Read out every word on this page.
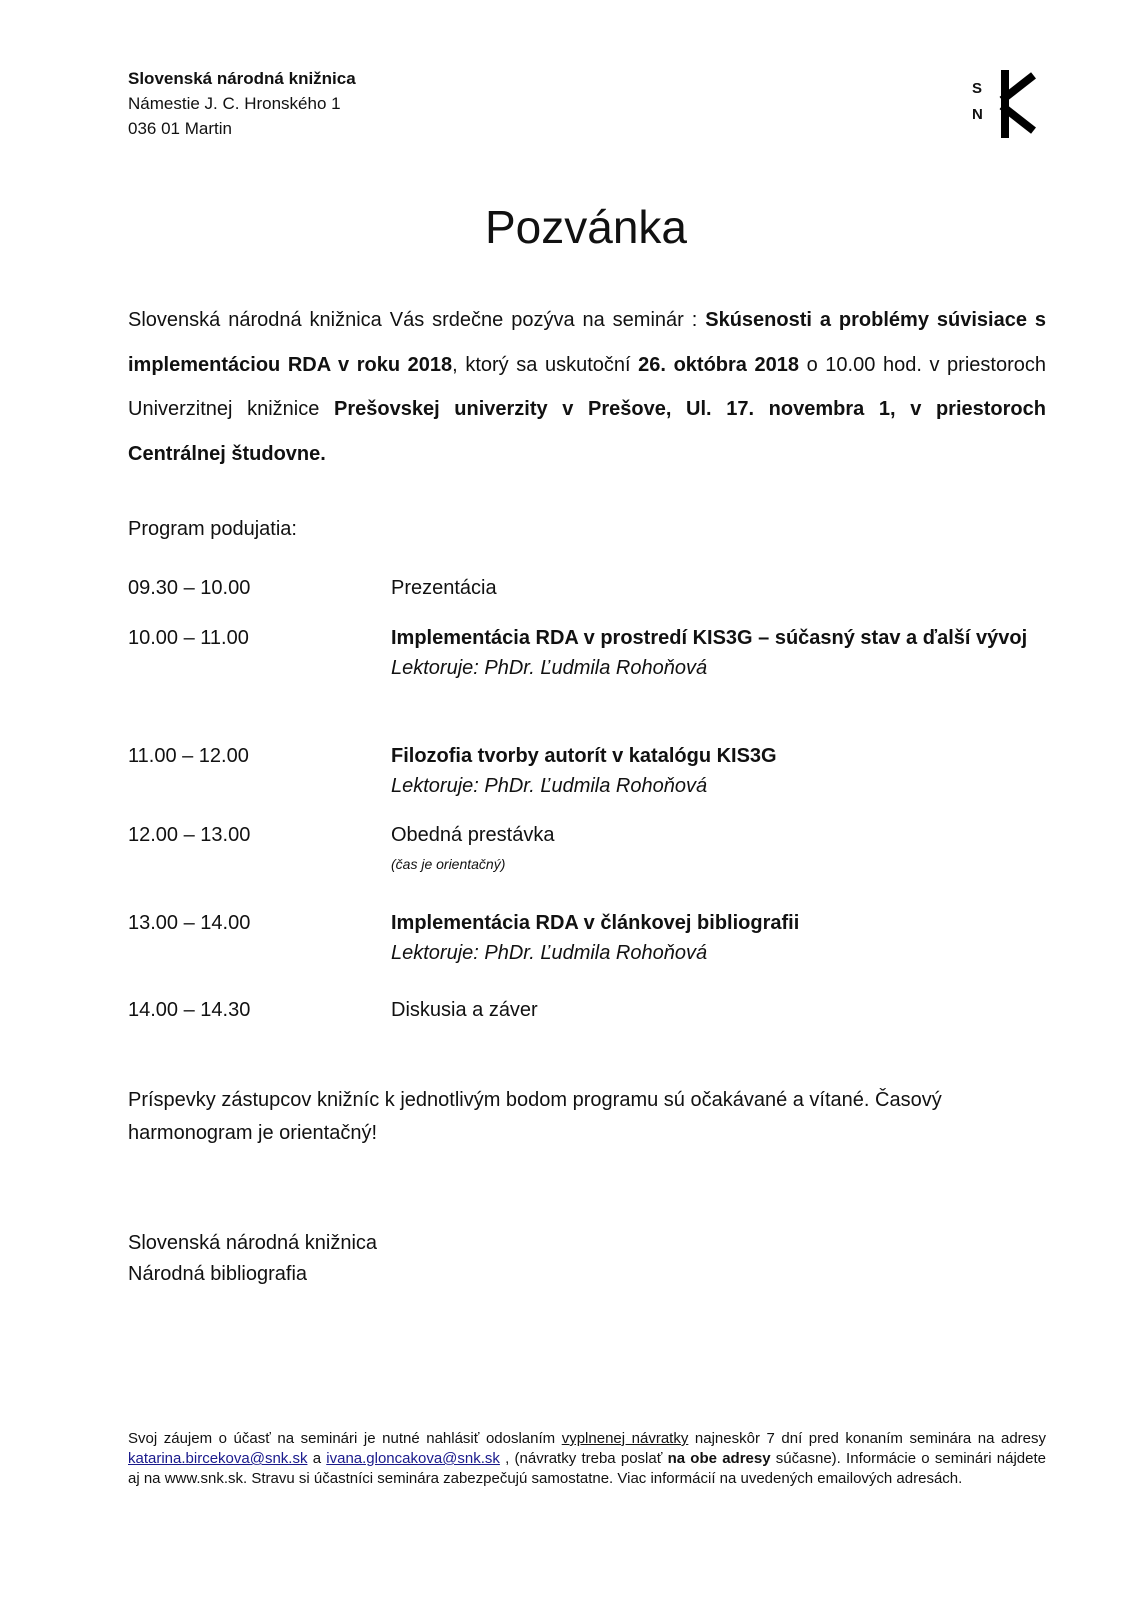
Slovenská národná knižnica
Námestie J. C. Hronského 1
036 01 Martin
S
N
Pozvánka
Slovenská národná knižnica Vás srdečne pozýva na seminár : Skúsenosti a problémy súvisiace s implementáciou RDA v roku 2018, ktorý sa uskutoční 26. októbra 2018 o 10.00 hod. v priestoroch Univerzitnej knižnice Prešovskej univerzity v Prešove, Ul. 17. novembra 1, v priestoroch Centrálnej študovne.
Program podujatia:
09.30 – 10.00	Prezentácia
10.00 – 11.00	Implementácia RDA v prostredí KIS3G – súčasný stav a ďalší vývoj
Lektoruje: PhDr. Ľudmila Rohoňová
11.00 – 12.00	Filozofia tvorby autorít v katalógu KIS3G
Lektoruje: PhDr. Ľudmila Rohoňová
12.00 – 13.00	Obedná prestávka
(čas je orientačný)
13.00 – 14.00	Implementácia RDA v článkovej bibliografii
Lektoruje: PhDr. Ľudmila Rohoňová
14.00 – 14.30	Diskusia a záver
Príspevky zástupcov knižníc k jednotlivým bodom programu sú očakávané a vítané. Časový harmonogram je orientačný!
Slovenská národná knižnica
Národná bibliografia
Svoj záujem o účasť na seminári je nutné nahlásiť odoslaním vyplnenej návratky najneskôr 7 dní pred konaním seminára na adresy katarina.bircekova@snk.sk a ivana.gloncakova@snk.sk , (návratky treba poslať na obe adresy súčasne). Informácie o seminári nájdete aj na www.snk.sk. Stravu si účastníci seminára zabezpečujú samostatne. Viac informácií na uvedených emailových adresách.
